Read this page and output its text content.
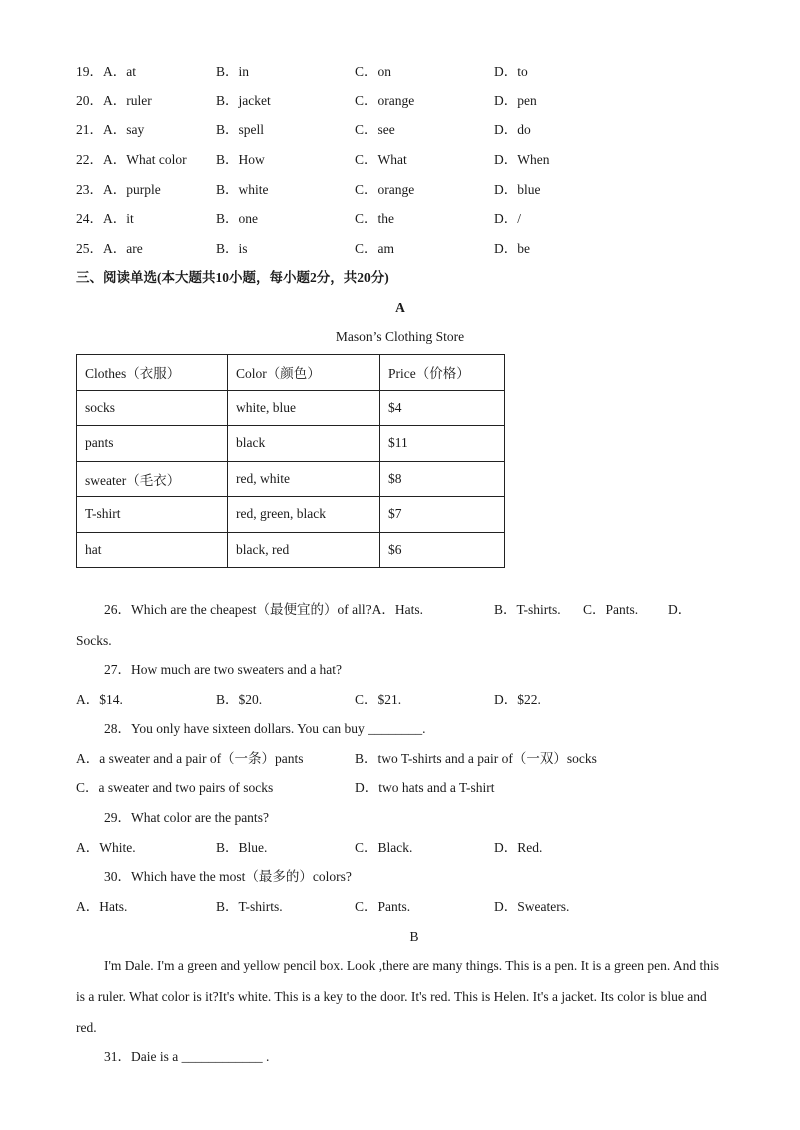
19．A．at	B．in	C．on	D．to
20．A．ruler	B．jacket	C．orange	D．pen
21．A．say	B．spell	C．see	D．do
22．A．What color B．How	C．What	D．When
23．A．purple	B．white	C．orange	D．blue
24．A．it	B．one	C．the	D．/
25．A．are	B．is	C．am	D．be
三、阅读单选(本大题共10小题，每小题2分，共20分)
A
Mason’s Clothing Store
Clothes（衣服）	Color（颜色）	Price（价格）
socks	white, blue	$4
pants	black	$11
sweater（毛衣）	red, white	$8
T-shirt	red, green, black	$7
hat	black, red	$6
26．Which are the cheapest（最便宜的）of all?A．Hats.	B．T-shirts. C．Pants. D．
Socks.
27．How much are two sweaters and a hat?
A．$14.	B．$20.	C．$21.	D．$22.
28．You only have sixteen dollars. You can buy ________.
A．a sweater and a pair of（一条）pants	B．two T-shirts and a pair of（一双）socks
C．a sweater and two pairs of socks	D．two hats and a T-shirt
29．What color are the pants?
A．White.	B．Blue.	C．Black.	D．Red.
30．Which have the most（最多的）colors?
A．Hats.	B．T-shirts.	C．Pants.	D．Sweaters.
B
I'm Dale. I'm a green and yellow pencil box. Look ,there are many things. This is a pen. It is a green pen. And this is a ruler. What color is it?It's white. This is a key to the door. It's red. This is Helen. It's a jacket. Its color is blue and red.
31．Daie is a ____________ .
